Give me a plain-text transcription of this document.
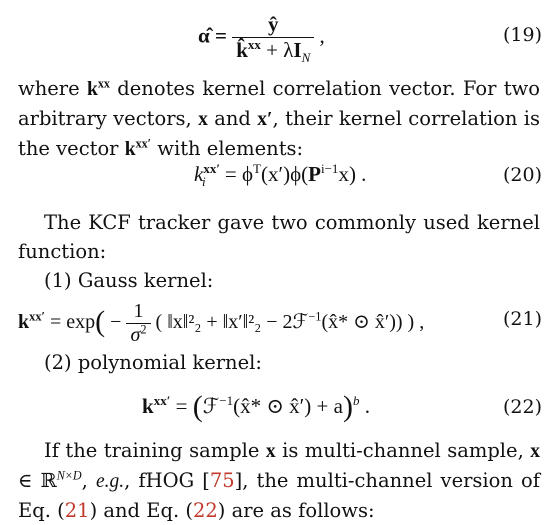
α̂ = $\frac{ŷ}{k̂^{xx} + \lambda I_N}$ ,	(19)
where $k^{xx}$ denotes kernel correlation vector. For two arbitrary vectors, x and x′, their kernel correlation is the vector $k^{xx'}$ with elements:
$k^{xx'}_i = \phi^T(x')\phi(P^{i-1}x)$ .	(20)
The KCF tracker gave two commonly used kernel function:
(1) Gauss kernel:
$k^{xx'} = \exp( - \frac{1}{\sigma^2}$ ( ‖x‖²₂ + ‖x′‖²₂ − 2ℱ$^{-1}$(x̂* ⊙ x̂′)) ) ,	(21)
(2) polynomial kernel:
$k^{xx'}$ = (ℱ$^{-1}$(x̂* ⊙ x̂′) + a)$^b$ .	(22)
If the training sample x is multi-channel sample, x ∈ ℝ$^{N\times D}$, e.g., fHOG [75], the multi-channel version of Eq. (21) and Eq. (22) are as follows:
